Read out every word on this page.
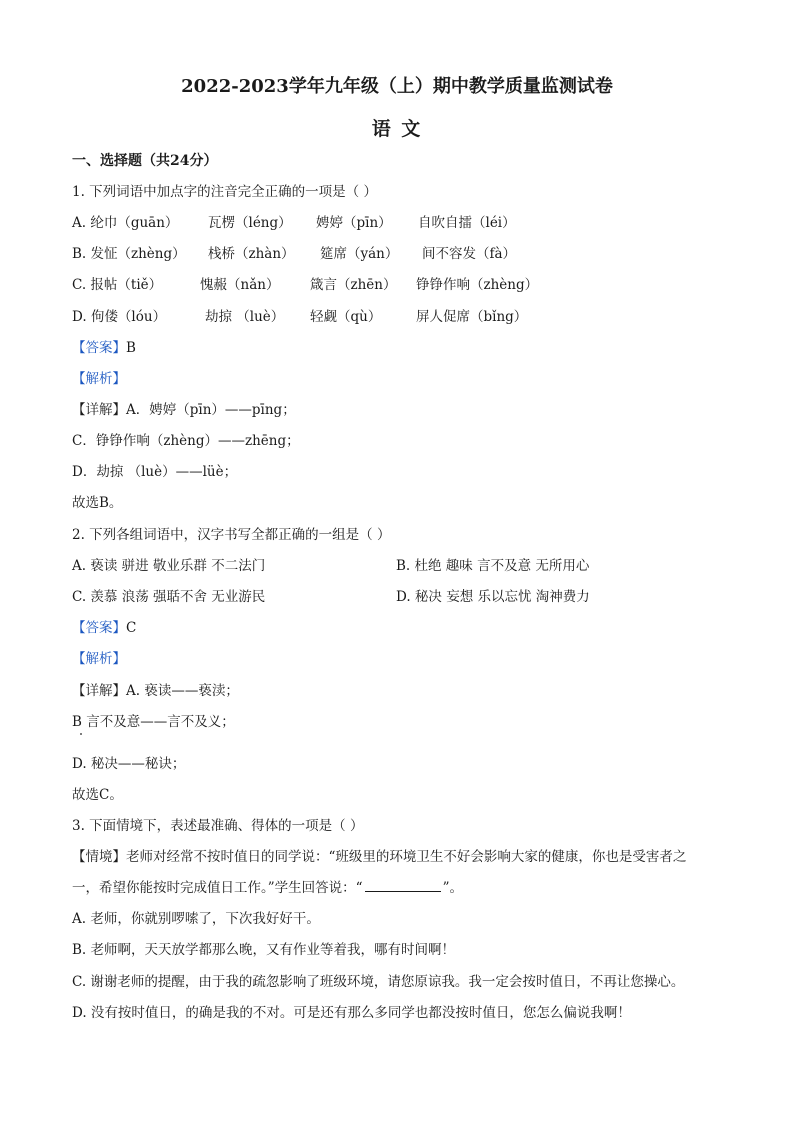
2022-2023学年九年级（上）期中教学质量监测试卷
语 文
一、选择题（共24分）
1. 下列词语中加点字的注音完全正确的一项是（ ）
A. 纶巾（guān） 瓦楞（léng） 娉婷（pīn） 自吹自擂（léi）
B. 发怔（zhèng） 栈桥（zhàn） 筵席（yán） 间不容发（fà）
C. 报帖（tiě）	愧赧（nǎn） 箴言（zhēn） 铮铮作响（zhèng）
D. 佝偻（lóu）	劫掠 （luè） 轻觑（qù）	屏人促席（bǐng）
【答案】B
【解析】
【详解】A．娉婷（pīn）——pīng；
C．铮铮作响（zhèng）——zhēng；
D．劫掠 （luè）——lüè；
故选B。
2. 下列各组词语中，汉字书写全都正确的一组是（ ）
A. 亵读 骈进 敬业乐群 不二法门	B. 杜绝 趣味 言不及意 无所用心
C. 羡慕 浪荡 强聒不舍 无业游民	D. 秘决 妄想 乐以忘忧 淘神费力
【答案】C
【解析】
【详解】A. 亵读——亵渎；
B 言不及意——言不及义；
D. 秘决——秘诀；
故选C。
3. 下面情境下，表述最准确、得体的一项是（ ）
【情境】老师对经常不按时值日的同学说：“班级里的环境卫生不好会影响大家的健康，你也是受害者之
一，希望你能按时完成值日工作。”学生回答说：“	”。
A. 老师，你就别啰嗦了，下次我好好干。
B. 老师啊，天天放学都那么晚，又有作业等着我，哪有时间啊！
C. 谢谢老师的提醒，由于我的疏忽影响了班级环境，请您原谅我。我一定会按时值日，不再让您操心。
D. 没有按时值日，的确是我的不对。可是还有那么多同学也都没按时值日，您怎么偏说我啊！
